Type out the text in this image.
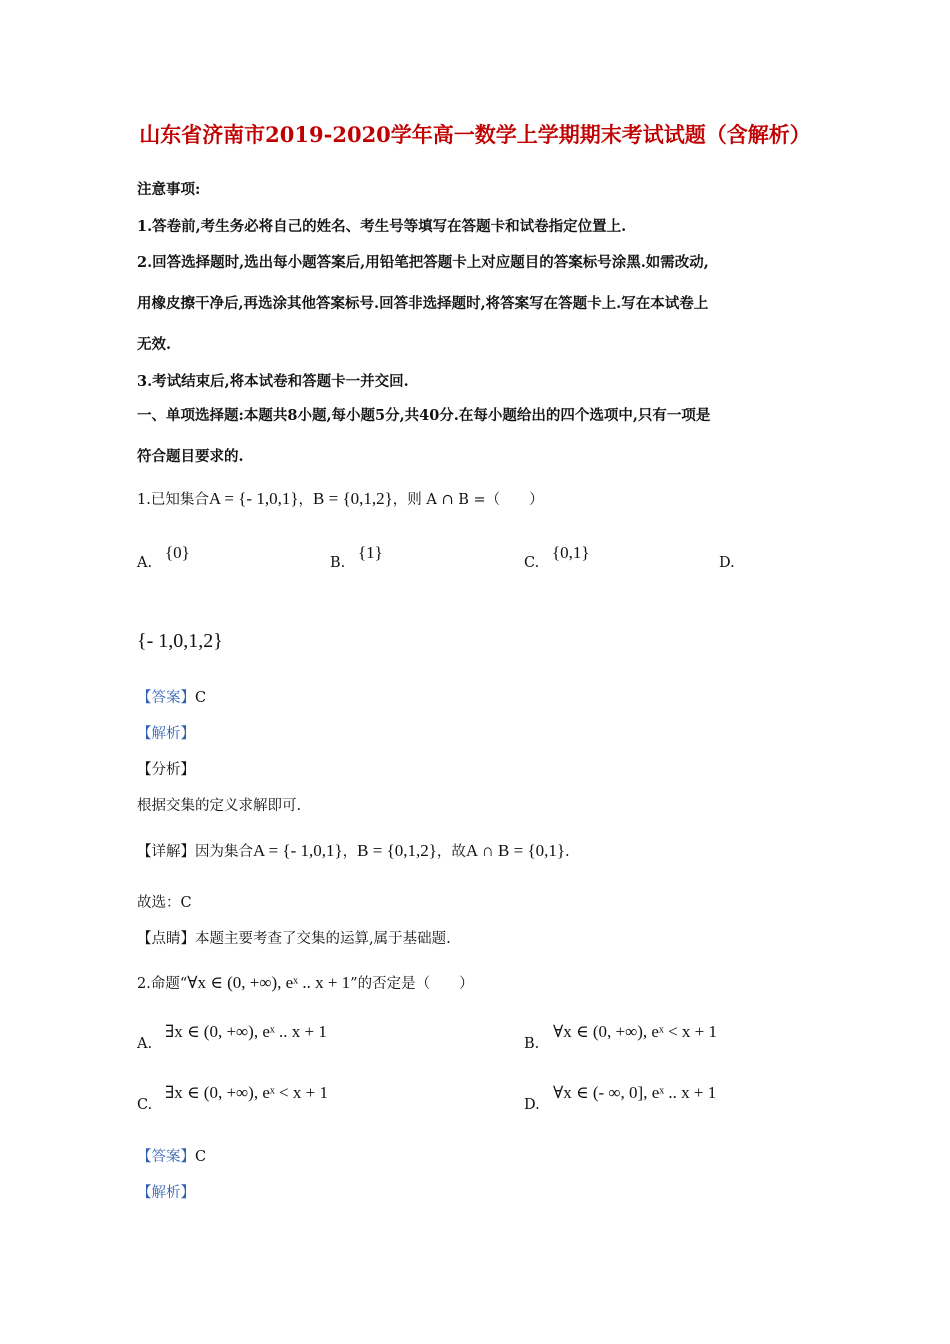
山东省济南市2019-2020学年高一数学上学期期末考试试题（含解析）
注意事项:
1.答卷前,考生务必将自己的姓名、考生号等填写在答题卡和试卷指定位置上.
2.回答选择题时,选出每小题答案后,用铅笔把答题卡上对应题目的答案标号涂黑.如需改动,
用橡皮擦干净后,再选涂其他答案标号.回答非选择题时,将答案写在答题卡上.写在本试卷上
无效.
3.考试结束后,将本试卷和答题卡一并交回.
一、单项选择题:本题共8小题,每小题5分,共40分.在每小题给出的四个选项中,只有一项是
符合题目要求的.
1.已知集合A = {- 1,0,1}，B = {0,1,2}，则 A ∩ B =（　　）
A.
{0}
B.
{1}
C.
{0,1}
D.
{- 1,0,1,2}
【答案】C
【解析】
【分析】
根据交集的定义求解即可.
【详解】因为集合A = {- 1,0,1}，B = {0,1,2}，故A ∩ B = {0,1}.
故选：C
【点睛】本题主要考查了交集的运算,属于基础题.
2.命题“∀x ∈ (0, +∞), eˣ .. x + 1”的否定是（　　）
A.
∃x ∈ (0, +∞), eˣ .. x + 1
B.
∀x ∈ (0, +∞), eˣ < x + 1
C.
∃x ∈ (0, +∞), eˣ < x + 1
D.
∀x ∈ (- ∞, 0], eˣ .. x + 1
【答案】C
【解析】
